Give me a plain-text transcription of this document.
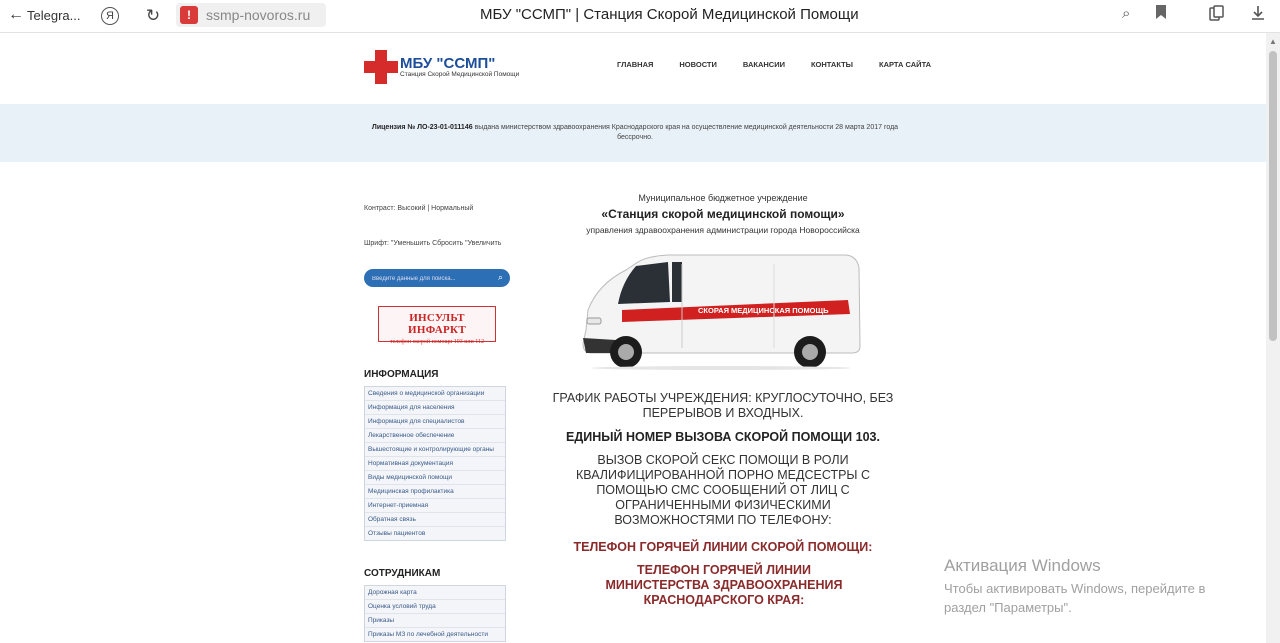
← Telegra...	Я ↻	!	ssmp-novoros.ru	МБУ "ССМП" | Станция Скорой Медицинской Помощи	⌕
▲
МБУ "ССМП"
Станция Скорой Медицинской Помощи
ГЛАВНАЯ	НОВОСТИ	ВАКАНСИИ	КОНТАКТЫ	КАРТА САЙТА
Лицензия № ЛО-23-01-011146 выдана министерством здравоохранения Краснодарского края на осуществление медицинской деятельности 28 марта 2017 года бессрочно.
Контраст: Высокий | Нормальный
Шрифт: "Уменьшить Сбросить "Увеличить
Введите данные для поиска...
⌕
ИНСУЛЬТ ИНФАРКТ
телефон скорой помощи 103 или 112
ИНФОРМАЦИЯ
Сведения о медицинской организации
Информация для населения
Информация для специалистов
Лекарственное обеспечение
Вышестоящие и контролирующие органы
Нормативная документация
Виды медицинской помощи
Медицинская профилактика
Интернет-приемная
Обратная связь
Отзывы пациентов
СОТРУДНИКАМ
Дорожная карта
Оценка условий труда
Приказы
Приказы МЗ по лечебной деятельности
Муниципальное бюджетное учреждение
«Станция скорой медицинской помощи»
управления здравоохранения администрации города Новороссийска
СКОРАЯ МЕДИЦИНСКАЯ ПОМОЩЬ
ГРАФИК РАБОТЫ УЧРЕЖДЕНИЯ: КРУГЛОСУТОЧНО, БЕЗ ПЕРЕРЫВОВ И ВХОДНЫХ.
ЕДИНЫЙ НОМЕР ВЫЗОВА СКОРОЙ ПОМОЩИ 103.
ВЫЗОВ СКОРОЙ СЕКС ПОМОЩИ В РОЛИ КВАЛИФИЦИРОВАННОЙ ПОРНО МЕДСЕСТРЫ С ПОМОЩЬЮ СМС СООБЩЕНИЙ ОТ ЛИЦ С ОГРАНИЧЕННЫМИ ФИЗИЧЕСКИМИ ВОЗМОЖНОСТЯМИ ПО ТЕЛЕФОНУ:
ТЕЛЕФОН ГОРЯЧЕЙ ЛИНИИ СКОРОЙ ПОМОЩИ:
ТЕЛЕФОН ГОРЯЧЕЙ ЛИНИИ МИНИСТЕРСТВА ЗДРАВООХРАНЕНИЯ КРАСНОДАРСКОГО КРАЯ:
Активация Windows
Чтобы активировать Windows, перейдите в раздел "Параметры".
